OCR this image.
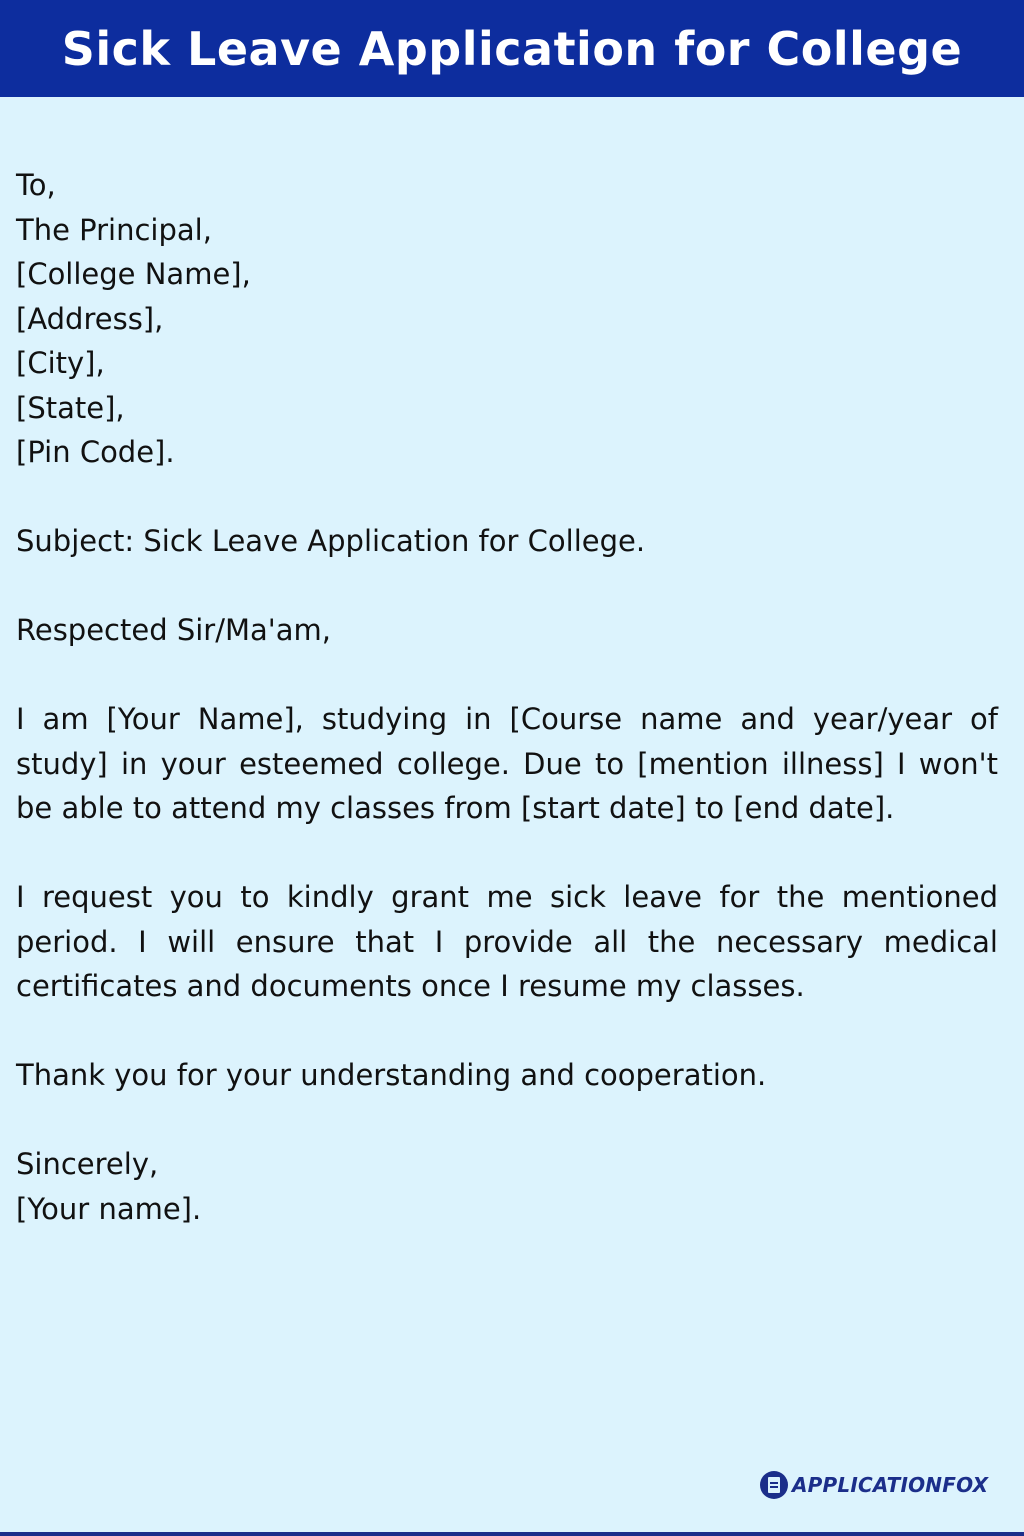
Sick Leave Application for College
To,
The Principal,
[College Name],
[Address],
[City],
[State],
[Pin Code].
Subject: Sick Leave Application for College.
Respected Sir/Ma'am,
I am [Your Name], studying in [Course name and year/year of study] in your esteemed college. Due to [mention illness] I won't be able to attend my classes from [start date] to [end date].
I request you to kindly grant me sick leave for the mentioned period. I will ensure that I provide all the necessary medical certificates and documents once I resume my classes.
Thank you for your understanding and cooperation.
Sincerely,
[Your name].
APPLICATIONFOX
